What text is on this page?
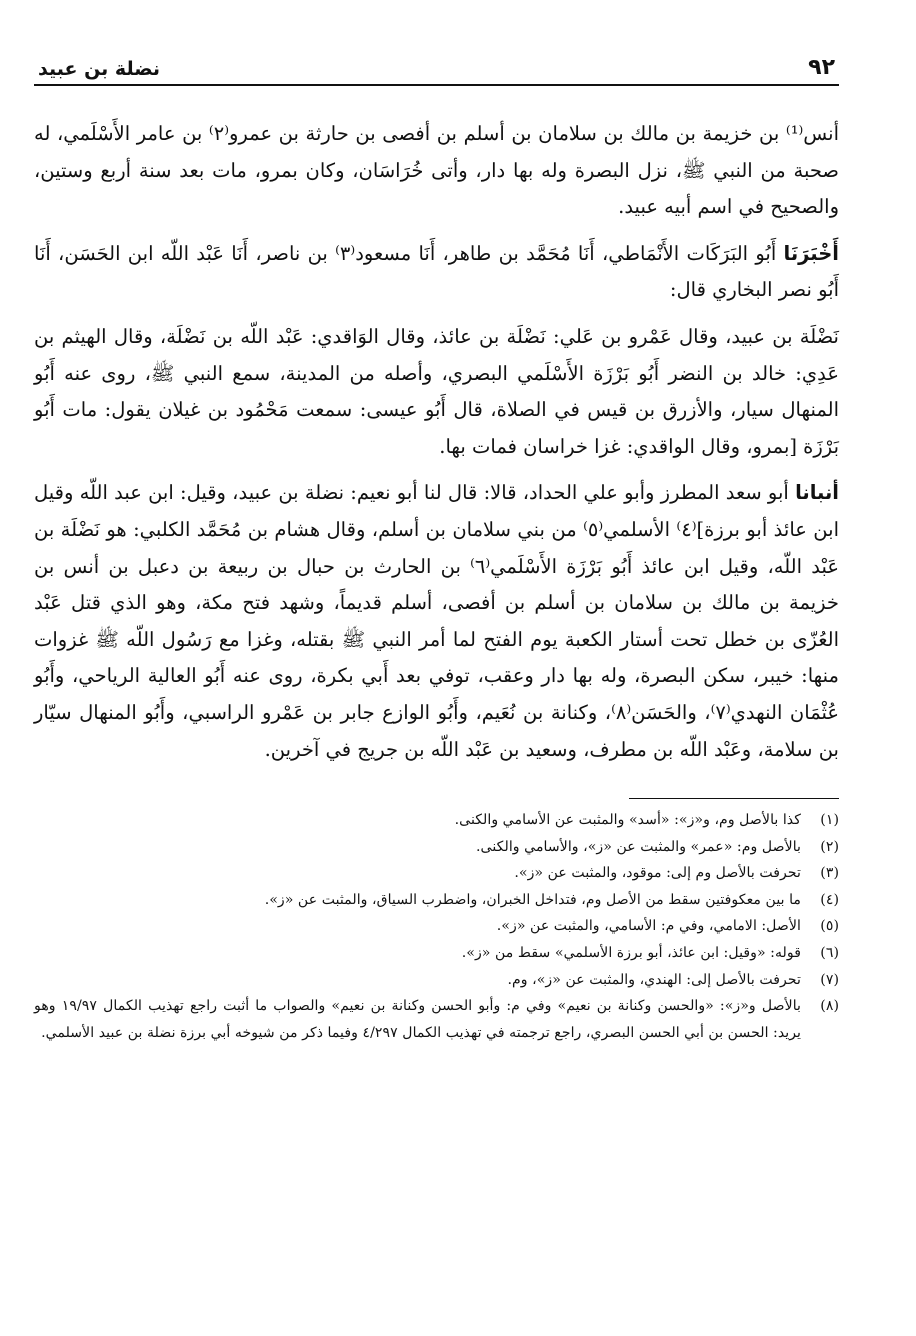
٩٢
نضلة بن عبيد

أنس⁽¹⁾ بن خزيمة بن مالك بن سلامان بن أسلم بن أفصى بن حارثة بن عمرو⁽٢⁾ بن عامر الأَسْلَمي، له صحبة من النبي ﷺ، نزل البصرة وله بها دار، وأتى خُرَاسَان، وكان بمرو، مات بعد سنة أربع وستين، والصحيح في اسم أبيه عبيد.

أَخْبَرَنَا أَبُو البَرَكَات الأَنْمَاطي، أَنَا مُحَمَّد بن طاهر، أَنَا مسعود⁽٣⁾ بن ناصر، أَنَا عَبْد اللّه ابن الحَسَن، أَنَا أَبُو نصر البخاري قال:

نَضْلَة بن عبيد، وقال عَمْرو بن عَلي: نَضْلَة بن عائذ، وقال الوَاقدي: عَبْد اللّه بن نَضْلَة، وقال الهيثم بن عَدِي: خالد بن النضر أَبُو بَرْزَة الأَسْلَمي البصري، وأصله من المدينة، سمع النبي ﷺ، روى عنه أَبُو المنهال سيار، والأزرق بن قيس في الصلاة، قال أَبُو عيسى: سمعت مَحْمُود بن غيلان يقول: مات أَبُو بَرْزَة [بمرو، وقال الواقدي: غزا خراسان فمات بها.

أنبانا أبو سعد المطرز وأبو علي الحداد، قالا: قال لنا أبو نعيم: نضلة بن عبيد، وقيل: ابن عبد اللّه وقيل ابن عائذ أبو برزة]⁽٤⁾ الأسلمي⁽٥⁾ من بني سلامان بن أسلم، وقال هشام بن مُحَمَّد الكلبي: هو نَضْلَة بن عَبْد اللّه، وقيل ابن عائذ أَبُو بَرْزَة الأَسْلَمي⁽٦⁾ بن الحارث بن حبال بن ربيعة بن دعبل بن أنس بن خزيمة بن مالك بن سلامان بن أسلم بن أفصى، أسلم قديماً، وشهد فتح مكة، وهو الذي قتل عَبْد العُزّى بن خطل تحت أستار الكعبة يوم الفتح لما أمر النبي ﷺ بقتله، وغزا مع رَسُول اللّه ﷺ غزوات منها: خيبر، سكن البصرة، وله بها دار وعقب، توفي بعد أَبي بكرة، روى عنه أَبُو العالية الرياحي، وأَبُو عُثْمَان النهدي⁽٧⁾، والحَسَن⁽٨⁾، وكنانة بن نُعَيم، وأَبُو الوازع جابر بن عَمْرو الراسبي، وأَبُو المنهال سيّار بن سلامة، وعَبْد اللّه بن مطرف، وسعيد بن عَبْد اللّه بن جريج في آخرين.

(١)
كذا بالأصل وم، و«ز»: «أسد» والمثبت عن الأسامي والكنى.
(٢)
بالأصل وم: «عمر» والمثبت عن «ز»، والأسامي والكنى.
(٣)
تحرفت بالأصل وم إلى: موقود، والمثبت عن «ز».
(٤)
ما بين معكوفتين سقط من الأصل وم، فتداخل الخبران، واضطرب السياق، والمثبت عن «ز».
(٥)
الأصل: الامامي، وفي م: الأسامي، والمثبت عن «ز».
(٦)
قوله: «وقيل: ابن عائذ، أبو برزة الأسلمي» سقط من «ز».
(٧)
تحرفت بالأصل إلى: الهندي، والمثبت عن «ز»، وم.
(٨)
بالأصل و«ز»: «والحسن وكنانة بن نعيم» وفي م: وأبو الحسن وكنانة بن نعيم» والصواب ما أثبت راجع تهذيب الكمال ١٩/٩٧ وهو يريد: الحسن بن أبي الحسن البصري، راجع ترجمته في تهذيب الكمال ٤/٢٩٧ وفيما ذكر من شيوخه أبي برزة نضلة بن عبيد الأسلمي.
